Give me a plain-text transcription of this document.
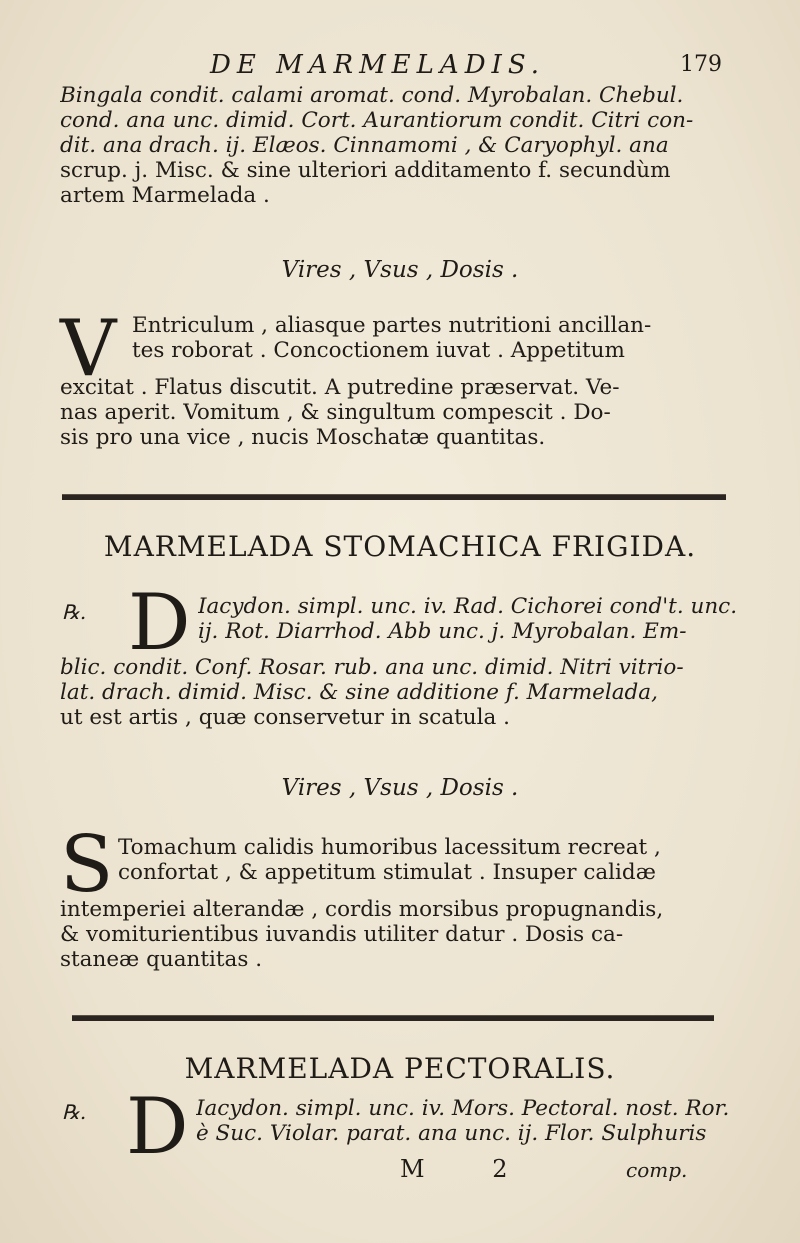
DE MARMELADIS.	179
Bingala condit. calami aromat. cond. Myrobalan. Chebul.
cond. ana unc. dimid. Cort. Aurantiorum condit. Citri con-
dit. ana drach. ij. Elæos. Cinnamomi , & Caryophyl. ana
scrup. j. Misc. & sine ulteriori additamento f. secundùm
artem Marmelada .
Vires , Vsus , Dosis .
V Entriculum , aliasque partes nutritioni ancillan-
tes roborat . Concoctionem iuvat . Appetitum
excitat . Flatus discutit. A putredine præservat. Ve-
nas aperit. Vomitum , & singultum compescit . Do-
sis pro una vice , nucis Moschatæ quantitas.
MARMELADA STOMACHICA FRIGIDA.
℞. D Iacydon. simpl. unc. iv. Rad. Cichorei cond't. unc.
ij. Rot. Diarrhod. Abb unc. j. Myrobalan. Em-
blic. condit. Conf. Rosar. rub. ana unc. dimid. Nitri vitrio-
lat. drach. dimid. Misc. & sine additione f. Marmelada,
ut est artis , quæ conservetur in scatula .
Vires , Vsus , Dosis .
S Tomachum calidis humoribus lacessitum recreat ,
confortat , & appetitum stimulat . Insuper calidæ
intemperiei alterandæ , cordis morsibus propugnandis,
& vomiturientibus iuvandis utiliter datur . Dosis ca-
staneæ quantitas .
MARMELADA PECTORALIS.
℞. D Iacydon. simpl. unc. iv. Mors. Pectoral. nost. Ror.
è Suc. Violar. parat. ana unc. ij. Flor. Sulphuris
M 2	comp.
